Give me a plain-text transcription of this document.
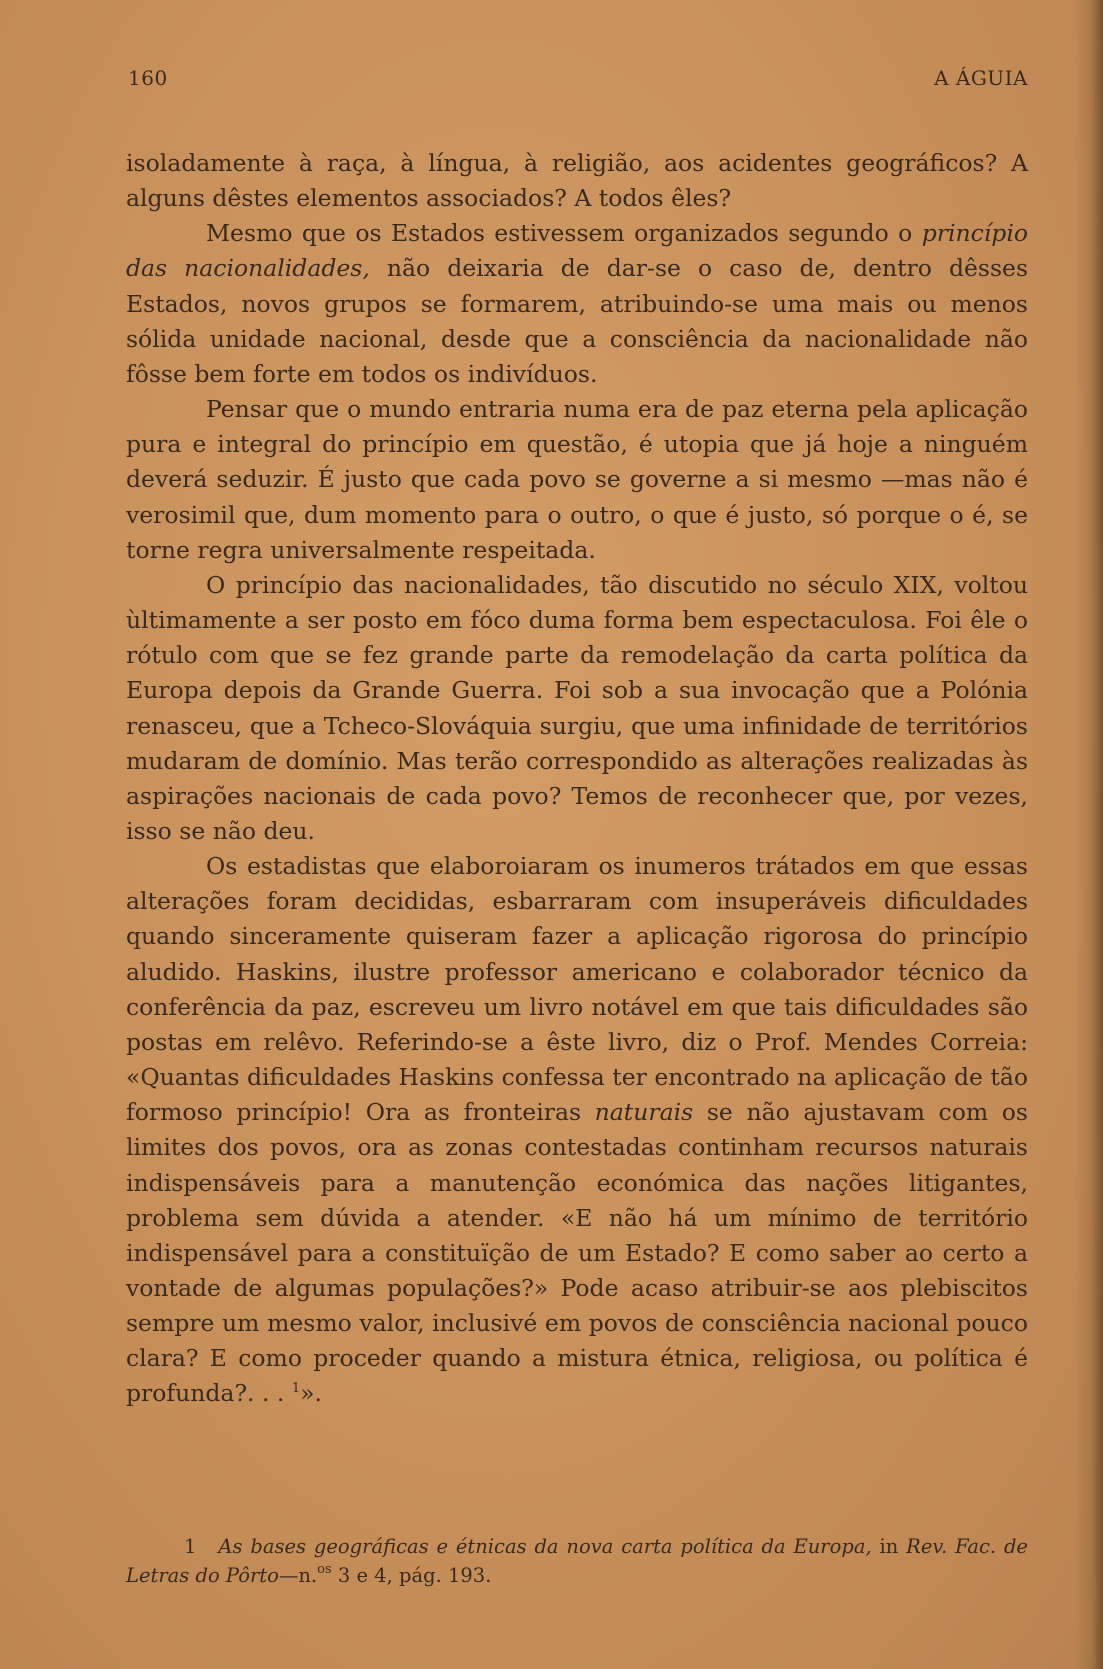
160	A ÁGUIA

isoladamente à raça, à língua, à religião, aos acidentes geográficos? A alguns dêstes elementos associados? A todos êles?

Mesmo que os Estados estivessem organizados segundo o princípio das nacionalidades, não deixaria de dar-se o caso de, dentro dêsses Estados, novos grupos se formarem, atribuindo-se uma mais ou menos sólida unidade nacional, desde que a consciência da nacionalidade não fôsse bem forte em todos os indivíduos.

Pensar que o mundo entraria numa era de paz eterna pela aplicação pura e integral do princípio em questão, é utopia que já hoje a ninguém deverá seduzir. É justo que cada povo se governe a si mesmo —mas não é verosimil que, dum momento para o outro, o que é justo, só porque o é, se torne regra universalmente respeitada.

O princípio das nacionalidades, tão discutido no século XIX, voltou ùltimamente a ser posto em fóco duma forma bem espectaculosa. Foi êle o rótulo com que se fez grande parte da remodelação da carta política da Europa depois da Grande Guerra. Foi sob a sua invocação que a Polónia renasceu, que a Tcheco-Slováquia surgiu, que uma infinidade de territórios mudaram de domínio. Mas terão correspondido as alterações realizadas às aspirações nacionais de cada povo? Temos de reconhecer que, por vezes, isso se não deu.

Os estadistas que elaboroiaram os inumeros trátados em que essas alterações foram decididas, esbarraram com insuperáveis dificuldades quando sinceramente quiseram fazer a aplicação rigorosa do princípio aludido. Haskins, ilustre professor americano e colaborador técnico da conferência da paz, escreveu um livro notável em que tais dificuldades são postas em relêvo. Referindo-se a êste livro, diz o Prof. Mendes Correia: «Quantas dificuldades Haskins confessa ter encontrado na aplicação de tão formoso princípio! Ora as fronteiras naturais se não ajustavam com os limites dos povos, ora as zonas contestadas continham recursos naturais indispensáveis para a manutenção económica das nações litigantes, problema sem dúvida a atender. «E não há um mínimo de território indispensável para a constituïção de um Estado? E como saber ao certo a vontade de algumas populações?» Pode acaso atribuir-se aos plebiscitos sempre um mesmo valor, inclusivé em povos de consciência nacional pouco clara? E como proceder quando a mistura étnica, religiosa, ou política é profunda?. . . $^1$».

1 As bases geográficas e étnicas da nova carta política da Europa, in Rev. Fac. de Letras do Pôrto—n.$^{os}$ 3 e 4, pág. 193.
